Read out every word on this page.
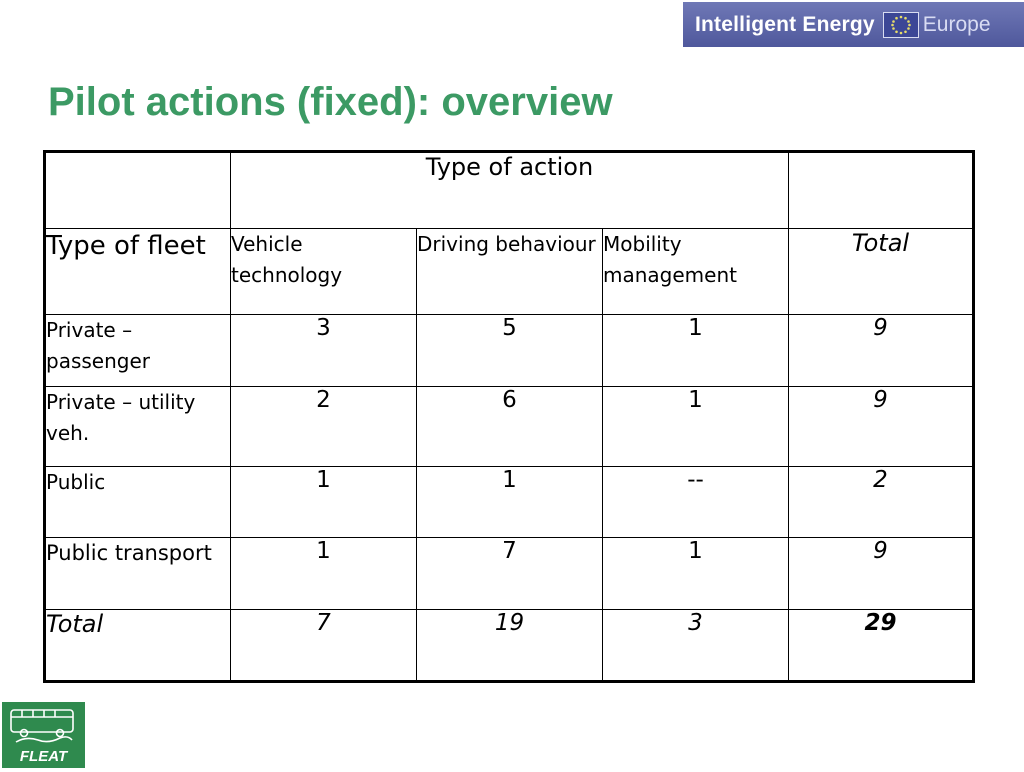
Intelligent Energy Europe
Pilot actions (fixed): overview
	Type of action			
Type of fleet	Vehicle technology	Driving behaviour	Mobility management	Total
Private – passenger	3	5	1	9
Private – utility veh.	2	6	1	9
Public	1	1	--	2
Public transport	1	7	1	9
Total	7	19	3	29
FLEAT
